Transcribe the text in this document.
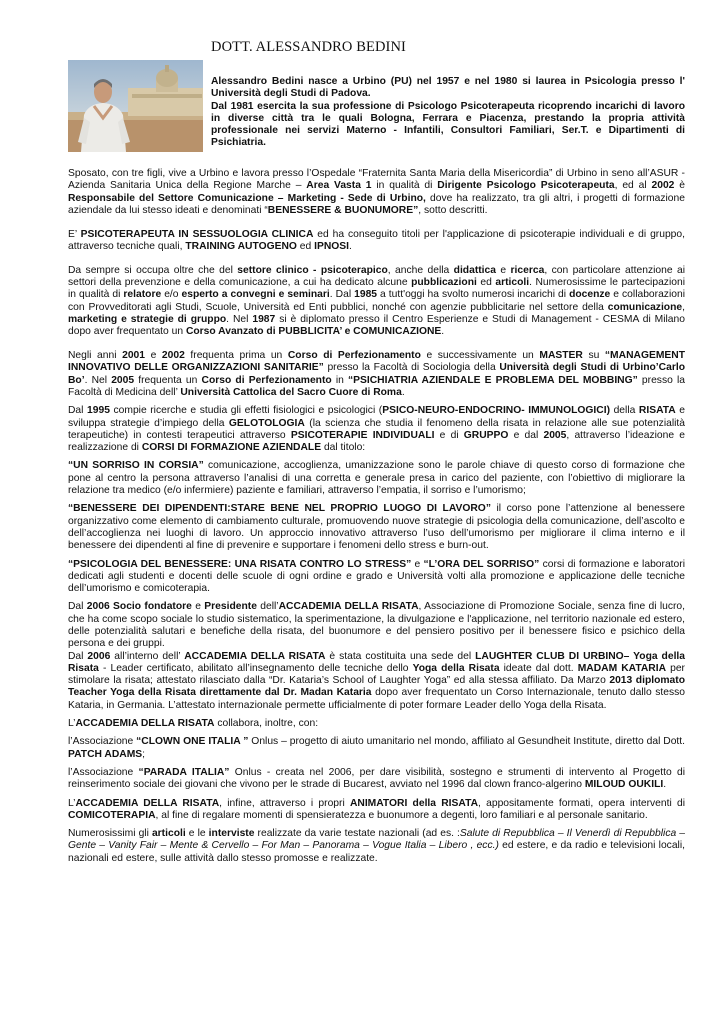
DOTT. ALESSANDRO BEDINI

Alessandro Bedini nasce a Urbino (PU) nel 1957 e nel 1980 si laurea in Psicologia presso l' Università degli Studi di Padova.

Dal 1981 esercita la sua professione di Psicologo Psicoterapeuta ricoprendo incarichi di lavoro in diverse città tra le quali Bologna, Ferrara e Piacenza, prestando la propria attività professionale nei servizi Materno - Infantili, Consultori Familiari, Ser.T. e Dipartimenti di Psichiatria.

Sposato, con tre figli, vive a Urbino e lavora presso l’Ospedale “Fraternita Santa Maria della Misericordia” di Urbino in seno all’ASUR - Azienda Sanitaria Unica della Regione Marche – Area Vasta 1 in qualità di Dirigente Psicologo Psicoterapeuta, ed al 2002 è Responsabile del Settore Comunicazione – Marketing - Sede di Urbino, dove ha realizzato, tra gli altri, i progetti di formazione aziendale da lui stesso ideati e denominati “BENESSERE & BUONUMORE”, sotto descritti.

E’ PSICOTERAPEUTA IN SESSUOLOGIA CLINICA ed ha conseguito titoli per l'applicazione di psicoterapie individuali e di gruppo, attraverso tecniche quali, TRAINING AUTOGENO ed IPNOSI.

Da sempre si occupa oltre che del settore clinico - psicoterapico, anche della didattica e ricerca, con particolare attenzione ai settori della prevenzione e della comunicazione, a cui ha dedicato alcune pubblicazioni ed articoli. Numerosissime le partecipazioni in qualità di relatore e/o esperto a convegni e seminari. Dal 1985 a tutt'oggi ha svolto numerosi incarichi di docenze e collaborazioni con Provveditorati agli Studi, Scuole, Università ed Enti pubblici, nonché con agenzie pubblicitarie nel settore della comunicazione, marketing e strategie di gruppo. Nel 1987 si è diplomato presso il Centro Esperienze e Studi di Management - CESMA di Milano dopo aver frequentato un Corso Avanzato di PUBBLICITA’ e COMUNICAZIONE.

Negli anni 2001 e 2002 frequenta prima un Corso di Perfezionamento e successivamente un MASTER su “MANAGEMENT INNOVATIVO DELLE ORGANIZZAZIONI SANITARIE” presso la Facoltà di Sociologia della Università degli Studi di Urbino’Carlo Bo’. Nel 2005 frequenta un Corso di Perfezionamento in “PSICHIATRIA AZIENDALE E PROBLEMA DEL MOBBING” presso la Facoltà di Medicina dell’ Università Cattolica del Sacro Cuore di Roma.

Dal 1995 compie ricerche e studia gli effetti fisiologici e psicologici (PSICO-NEURO-ENDOCRINO- IMMUNOLOGICI) della RISATA e sviluppa strategie d’impiego della GELOTOLOGIA (la scienza che studia il fenomeno della risata in relazione alle sue potenzialità terapeutiche) in contesti terapeutici attraverso PSICOTERAPIE INDIVIDUALI e di GRUPPO e dal 2005, attraverso l’ideazione e realizzazione di CORSI DI FORMAZIONE AZIENDALE dal titolo:

“UN SORRISO IN CORSIA” comunicazione, accoglienza, umanizzazione sono le parole chiave di questo corso di formazione che pone al centro la persona attraverso l’analisi di una corretta e generale presa in carico del paziente, con l’obiettivo di migliorare la relazione tra medico (e/o infermiere) paziente e familiari, attraverso l’empatia, il sorriso e l’umorismo;

“BENESSERE DEI DIPENDENTI:STARE BENE NEL PROPRIO LUOGO DI LAVORO” il corso pone l’attenzione al benessere organizzativo come elemento di cambiamento culturale, promuovendo nuove strategie di psicologia della comunicazione, dell’ascolto e dell’accoglienza nei luoghi di lavoro. Un approccio innovativo attraverso l’uso dell’umorismo per migliorare il clima interno e il benessere dei dipendenti al fine di prevenire e supportare i fenomeni dello stress e burn-out.

“PSICOLOGIA DEL BENESSERE: UNA RISATA CONTRO LO STRESS” e “L’ORA DEL SORRISO” corsi di formazione e laboratori dedicati agli studenti e docenti delle scuole di ogni ordine e grado e Università volti alla promozione e applicazione delle tecniche dell’umorismo e comicoterapia.

Dal 2006 Socio fondatore e Presidente dell’ACCADEMIA DELLA RISATA, Associazione di Promozione Sociale, senza fine di lucro, che ha come scopo sociale lo studio sistematico, la sperimentazione, la divulgazione e l'applicazione, nel territorio nazionale ed estero, delle potenzialità salutari e benefiche della risata, del buonumore e del pensiero positivo per il benessere fisico e psichico della persona e dei gruppi.
Dal 2006 all’interno dell’ ACCADEMIA DELLA RISATA è stata costituita una sede del LAUGHTER CLUB DI URBINO– Yoga della Risata - Leader certificato, abilitato all’insegnamento delle tecniche dello Yoga della Risata ideate dal dott. MADAM KATARIA per stimolare la risata; attestato rilasciato dalla “Dr. Kataria’s School of Laughter Yoga” ed alla stessa affiliato. Da Marzo 2013 diplomato Teacher Yoga della Risata direttamente dal Dr. Madan Kataria dopo aver frequentato un Corso Internazionale, tenuto dallo stesso Kataria, in Germania. L’attestato internazionale permette ufficialmente di poter formare Leader dello Yoga della Risata.

L’ACCADEMIA DELLA RISATA collabora, inoltre, con:

l’Associazione “CLOWN ONE ITALIA ” Onlus – progetto di aiuto umanitario nel mondo, affiliato al Gesundheit Institute, diretto dal Dott. PATCH ADAMS;

l’Associazione “PARADA ITALIA” Onlus - creata nel 2006, per dare visibilità, sostegno e strumenti di intervento al Progetto di reinserimento sociale dei giovani che vivono per le strade di Bucarest, avviato nel 1996 dal clown franco-algerino MILOUD OUKILI.

L’ACCADEMIA DELLA RISATA, infine, attraverso i propri ANIMATORI della RISATA, appositamente formati, opera interventi di COMICOTERAPIA, al fine di regalare momenti di spensieratezza e buonumore a degenti, loro familiari e al personale sanitario.

Numerosissimi gli articoli e le interviste realizzate da varie testate nazionali (ad es. :Salute di Repubblica – Il Venerdì di Repubblica – Gente – Vanity Fair – Mente & Cervello – For Man – Panorama – Vogue Italia – Libero , ecc.) ed estere, e da radio e televisioni locali, nazionali ed estere, sulle attività dallo stesso promosse e realizzate.
